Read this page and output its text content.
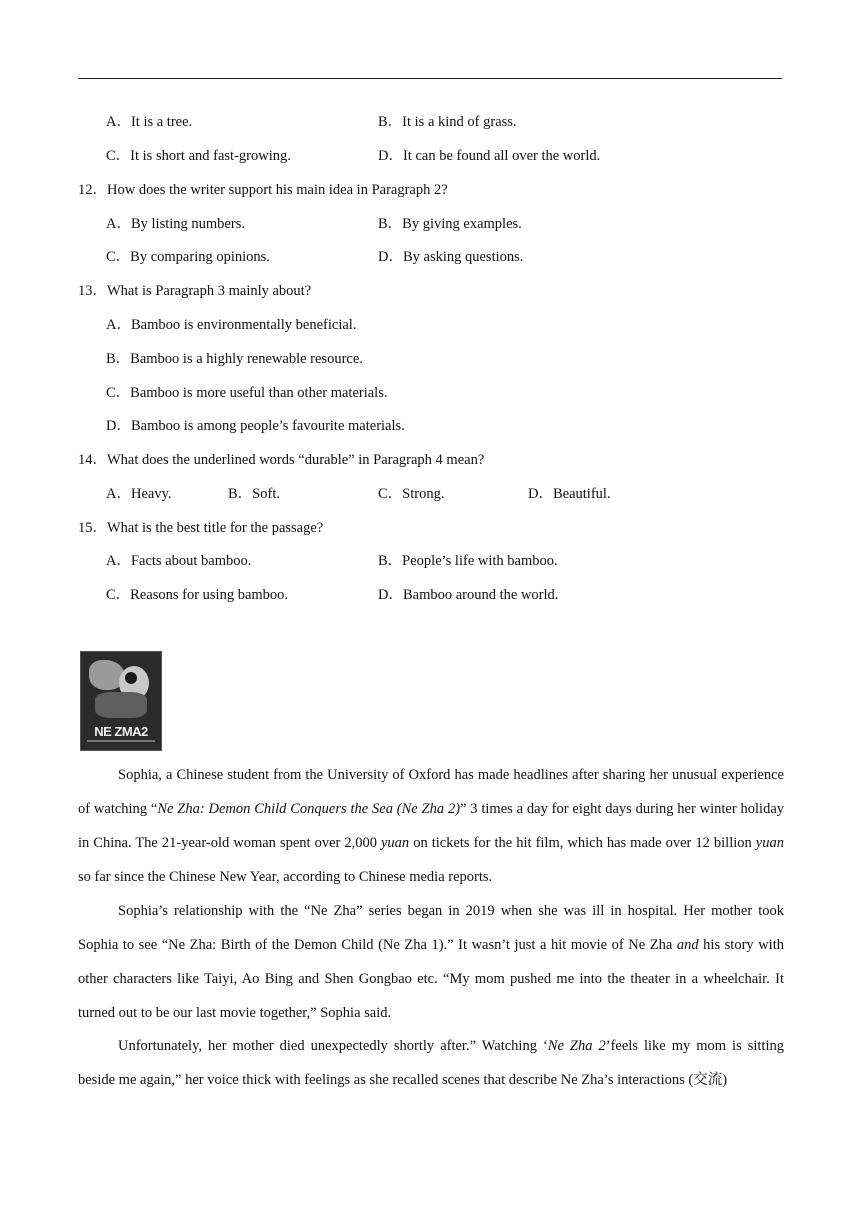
A．It is a tree.	B．It is a kind of grass.
C．It is short and fast-growing.	D．It can be found all over the world.
12．How does the writer support his main idea in Paragraph 2?
A．By listing numbers.	B．By giving examples.
C．By comparing opinions.	D．By asking questions.
13．What is Paragraph 3 mainly about?
A．Bamboo is environmentally beneficial.
B．Bamboo is a highly renewable resource.
C．Bamboo is more useful than other materials.
D．Bamboo is among people’s favourite materials.
14．What does the underlined words “durable” in Paragraph 4 mean?
A．Heavy.	B．Soft.	C．Strong.	D．Beautiful.
15．What is the best title for the passage?
A．Facts about bamboo.	B．People’s life with bamboo.
C．Reasons for using bamboo.	D．Bamboo around the world.
NE ZMA2

Sophia, a Chinese student from the University of Oxford has made headlines after sharing her unusual experience of watching “Ne Zha: Demon Child Conquers the Sea (Ne Zha 2)” 3 times a day for eight days during her winter holiday in China. The 21-year-old woman spent over 2,000 yuan on tickets for the hit film, which has made over 12 billion yuan so far since the Chinese New Year, according to Chinese media reports.

Sophia’s relationship with the “Ne Zha” series began in 2019 when she was ill in hospital. Her mother took Sophia to see “Ne Zha: Birth of the Demon Child (Ne Zha 1).” It wasn’t just a hit movie of Ne Zha and his story with other characters like Taiyi, Ao Bing and Shen Gongbao etc. “My mom pushed me into the theater in a wheelchair. It turned out to be our last movie together,” Sophia said.

Unfortunately, her mother died unexpectedly shortly after.” Watching ‘Ne Zha 2’feels like my mom is sitting beside me again,” her voice thick with feelings as she recalled scenes that describe Ne Zha’s interactions (交流)
